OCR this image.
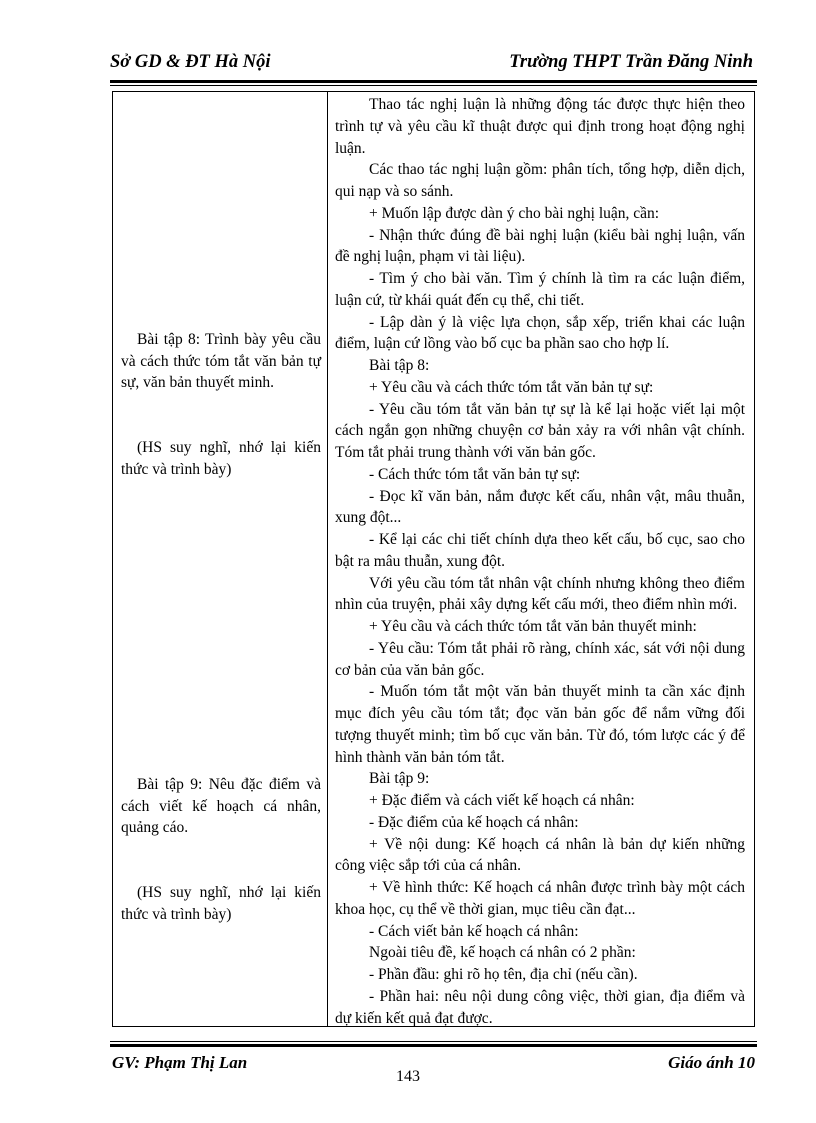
Sở GD & ĐT Hà Nội	Trường THPT Trần Đăng Ninh

Bài tập 8: Trình bày yêu cầu và cách thức tóm tắt văn bản tự sự, văn bản thuyết minh.

(HS suy nghĩ, nhớ lại kiến thức và trình bày)

Bài tập 9: Nêu đặc điểm và cách viết kế hoạch cá nhân, quảng cáo.

(HS suy nghĩ, nhớ lại kiến thức và trình bày)

Thao tác nghị luận là những động tác được thực hiện theo trình tự và yêu cầu kĩ thuật được qui định trong hoạt động nghị luận.

Các thao tác nghị luận gồm: phân tích, tổng hợp, diễn dịch, qui nạp và so sánh.

+ Muốn lập được dàn ý cho bài nghị luận, cần:

- Nhận thức đúng đề bài nghị luận (kiểu bài nghị luận, vấn đề nghị luận, phạm vi tài liệu).

- Tìm ý cho bài văn. Tìm ý chính là tìm ra các luận điểm, luận cứ, từ khái quát đến cụ thể, chi tiết.

- Lập dàn ý là việc lựa chọn, sắp xếp, triển khai các luận điểm, luận cứ lồng vào bố cục ba phần sao cho hợp lí.

Bài tập 8:

+ Yêu cầu và cách thức tóm tắt văn bản tự sự:

- Yêu cầu tóm tắt văn bản tự sự là kể lại hoặc viết lại một cách ngắn gọn những chuyện cơ bản xảy ra với nhân vật chính. Tóm tắt phải trung thành với văn bản gốc.

- Cách thức tóm tắt văn bản tự sự:

- Đọc kĩ văn bản, nắm được kết cấu, nhân vật, mâu thuẫn, xung đột...

- Kể lại các chi tiết chính dựa theo kết cấu, bố cục, sao cho bật ra mâu thuẫn, xung đột.

Với yêu cầu tóm tắt nhân vật chính nhưng không theo điểm nhìn của truyện, phải xây dựng kết cấu mới, theo điểm nhìn mới.

+ Yêu cầu và cách thức tóm tắt văn bản thuyết minh:

- Yêu cầu: Tóm tắt phải rõ ràng, chính xác, sát với nội dung cơ bản của văn bản gốc.

- Muốn tóm tắt một văn bản thuyết minh ta cần xác định mục đích yêu cầu tóm tắt; đọc văn bản gốc để nắm vững đối tượng thuyết minh; tìm bố cục văn bản. Từ đó, tóm lược các ý để hình thành văn bản tóm tắt.

Bài tập 9:

+ Đặc điểm và cách viết kế hoạch cá nhân:

- Đặc điểm của kế hoạch cá nhân:

+ Về nội dung: Kế hoạch cá nhân là bản dự kiến những công việc sắp tới của cá nhân.

+ Về hình thức: Kế hoạch cá nhân được trình bày một cách khoa học, cụ thể về thời gian, mục tiêu cần đạt...

- Cách viết bản kế hoạch cá nhân:

Ngoài tiêu đề, kế hoạch cá nhân có 2 phần:

- Phần đầu: ghi rõ họ tên, địa chỉ (nếu cần).

- Phần hai: nêu nội dung công việc, thời gian, địa điểm và dự kiến kết quả đạt được.

GV: Phạm Thị Lan	Giáo ánh 10
143
